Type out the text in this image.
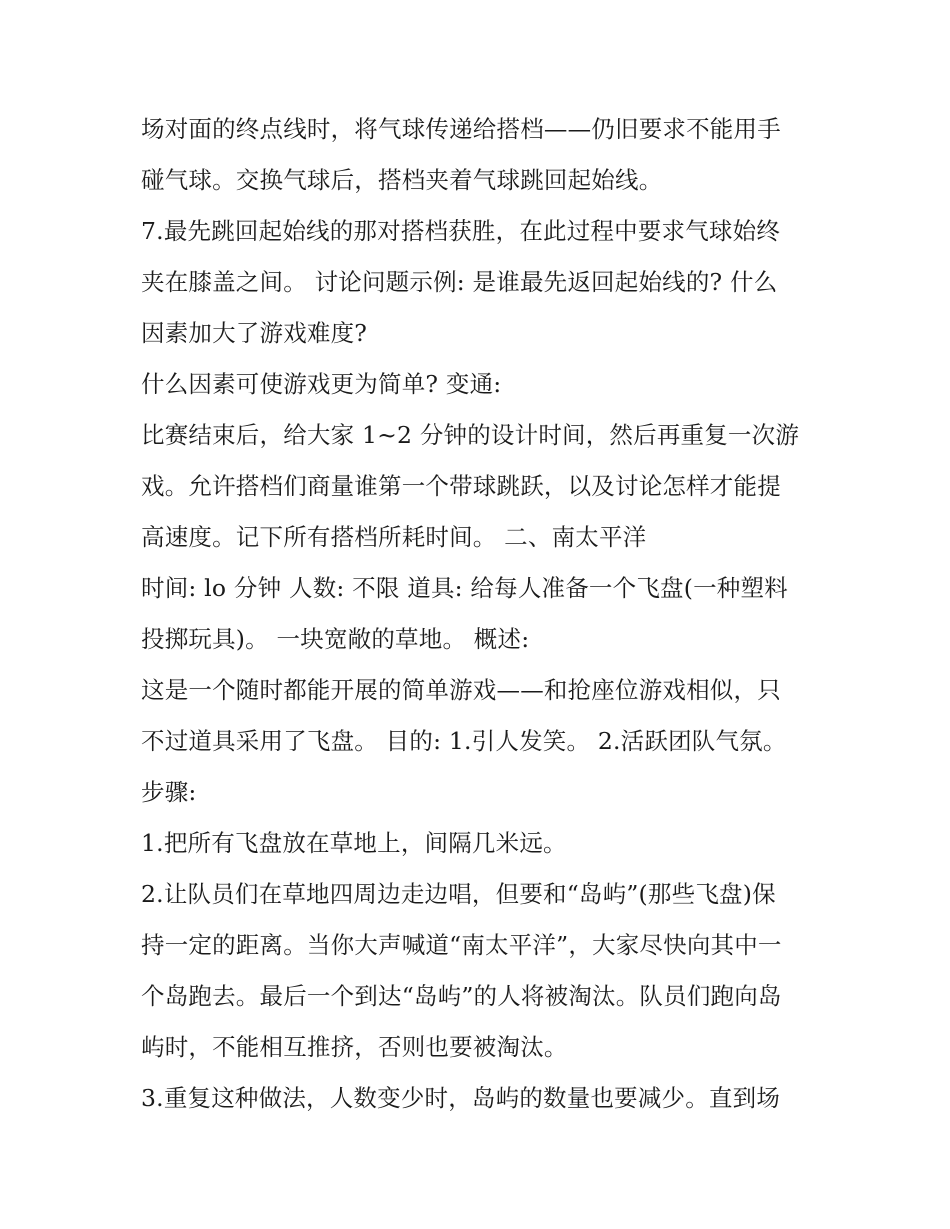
场对面的终点线时，将气球传递给搭档——仍旧要求不能用手
碰气球。交换气球后，搭档夹着气球跳回起始线。
7.最先跳回起始线的那对搭档获胜，在此过程中要求气球始终
夹在膝盖之间。 讨论问题示例: 是谁最先返回起始线的? 什么
因素加大了游戏难度?
什么因素可使游戏更为简单? 变通:
比赛结束后，给大家 1~2 分钟的设计时间，然后再重复一次游
戏。允许搭档们商量谁第一个带球跳跃，以及讨论怎样才能提
高速度。记下所有搭档所耗时间。 二、南太平洋
时间: lo 分钟 人数: 不限 道具: 给每人准备一个飞盘(一种塑料
投掷玩具)。 一块宽敞的草地。 概述:
这是一个随时都能开展的简单游戏——和抢座位游戏相似，只
不过道具采用了飞盘。 目的: 1.引人发笑。 2.活跃团队气氛。
步骤:
1.把所有飞盘放在草地上，间隔几米远。
2.让队员们在草地四周边走边唱，但要和“岛屿”(那些飞盘)保
持一定的距离。当你大声喊道“南太平洋”，大家尽快向其中一
个岛跑去。最后一个到达“岛屿”的人将被淘汰。队员们跑向岛
屿时，不能相互推挤，否则也要被淘汰。
3.重复这种做法，人数变少时，岛屿的数量也要减少。直到场
